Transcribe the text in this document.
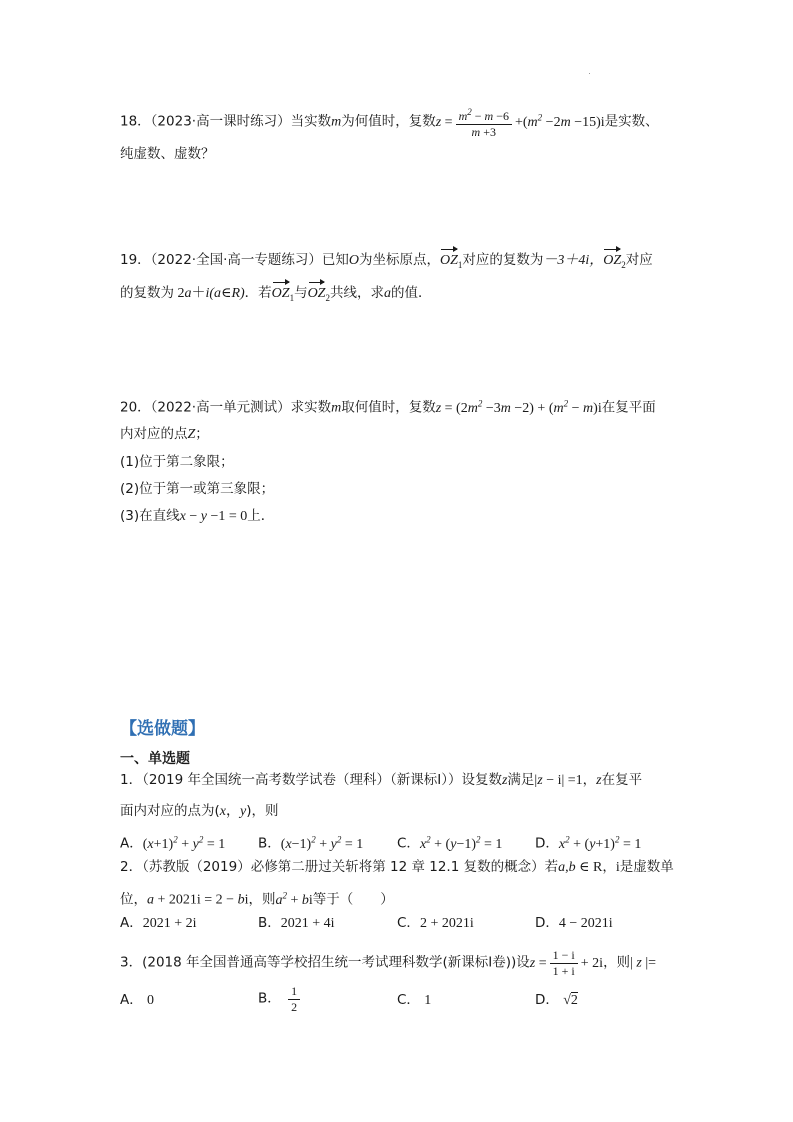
18．（2023·高一课时练习）当实数m为何值时，复数$z = \frac{m^2 - m -6}{m +3} +(m^2 -2m -15)i$是实数、
纯虚数、虚数？
19．（2022·全国·高一专题练习）已知O为坐标原点，$OZ_1$对应的复数为－3＋4i，$OZ_2$对应
的复数为 2a＋i(a∈R)．若$OZ_1$与$OZ_2$共线，求a的值．
20．（2022·高一单元测试）求实数m取何值时，复数$z = (2m^2 -3m -2) + (m^2 - m)i$在复平面
内对应的点Z；
(1)位于第二象限；
(2)位于第一或第三象限；
(3)在直线x − y −1 = 0上．
【选做题】
一、单选题
1．（2019 年全国统一高考数学试卷（理科）（新课标Ⅰ））设复数z满足|z − i| =1，z在复平
面内对应的点为(x，y)，则
A．$(x+1)^2 + y^2 = 1$ B．$(x-1)^2 + y^2 = 1$	C．$x^2 + (y-1)^2 = 1$ D．$x^2 + (y+1)^2 = 1$
2．（苏教版（2019）必修第二册过关斩将第 12 章 12.1 复数的概念）若a,b ∈ R，i是虚数单
位，a + 2021i = 2 − bi，则$a^2$ + bi等于（　　）
A．2021 + 2i	B．2021 + 4i	C．2 + 2021i	D．4 − 2021i
3．(2018 年全国普通高等学校招生统一考试理科数学(新课标Ⅰ卷))设$z = \frac{1 - i}{1 + i} + 2i$，则| z |=
A． 0	B． $\frac{1}{2}$	C． 1	D． √2
